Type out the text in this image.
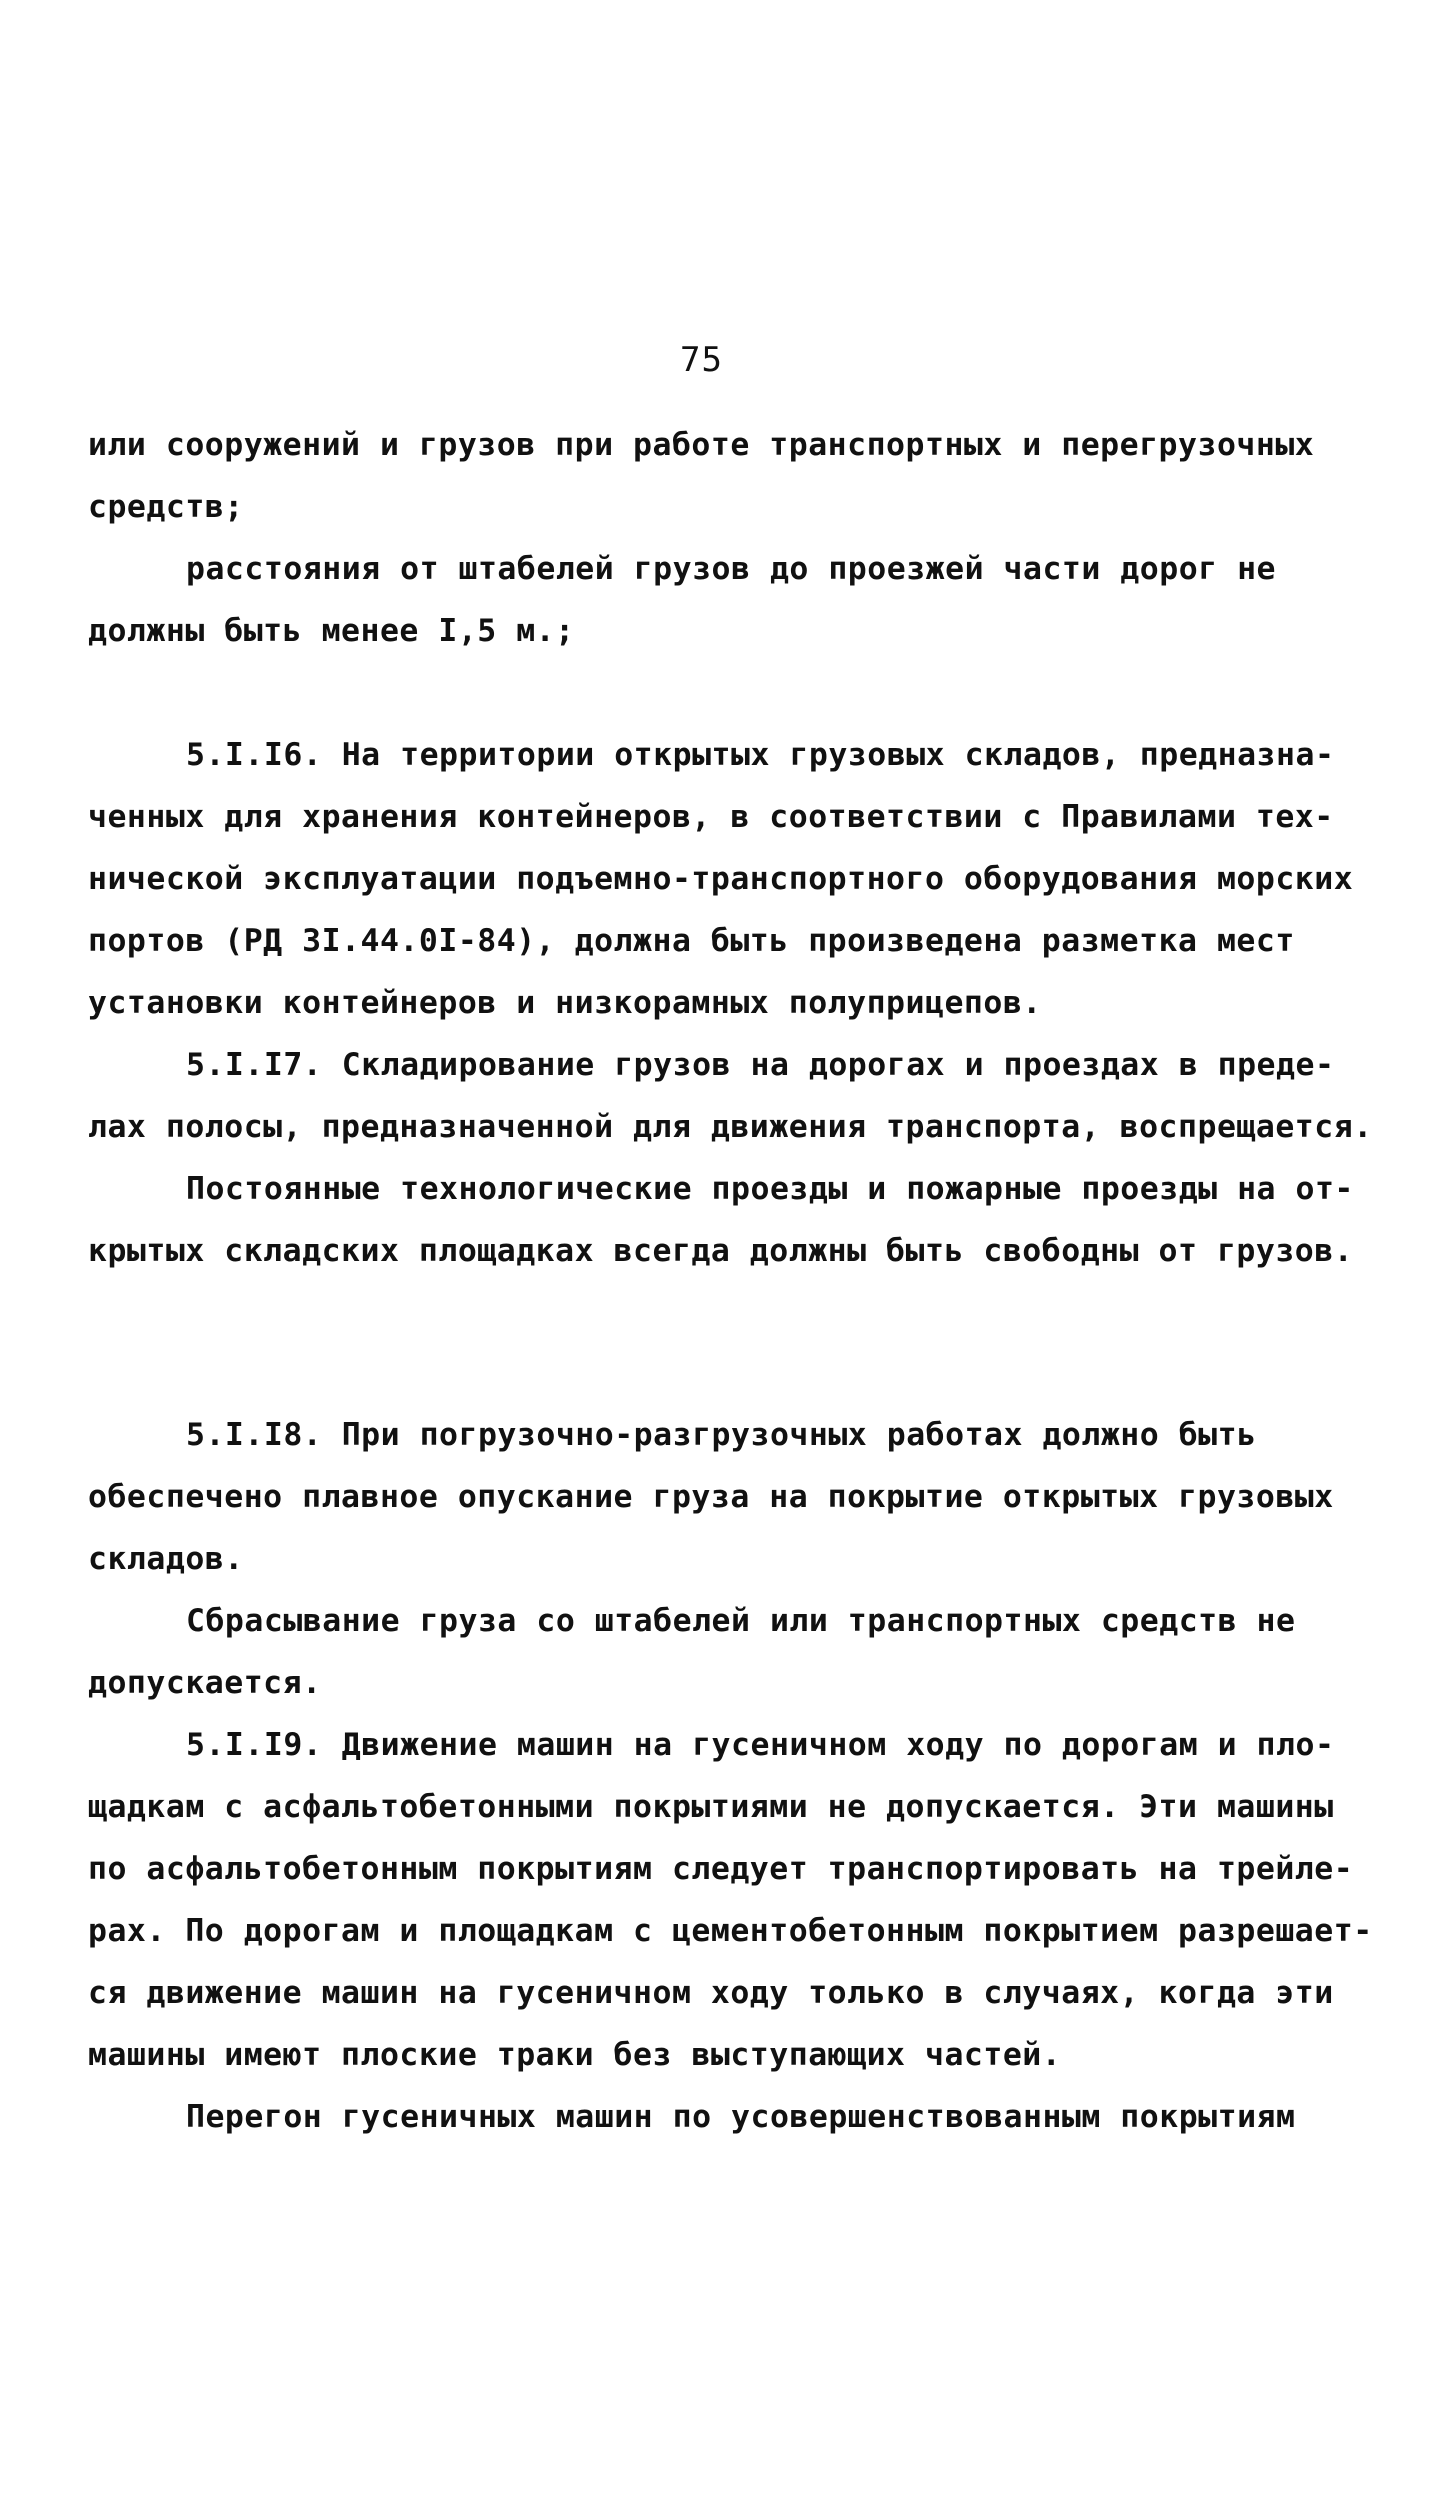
75
или сооружений и грузов при работе транспортных и перегрузочных
средств;
расстояния от штабелей грузов до проезжей части дорог не
должны быть менее I,5 м.;
5.I.I6. На территории открытых грузовых складов, предназна-
ченных для хранения контейнеров, в соответствии с Правилами тех-
нической эксплуатации подъемно-транспортного оборудования морских
портов (РД 3I.44.0I-84), должна быть произведена разметка мест
установки контейнеров и низкорамных полуприцепов.
5.I.I7. Складирование грузов на дорогах и проездах в преде-
лах полосы, предназначенной для движения транспорта, воспрещается.
Постоянные технологические проезды и пожарные проезды на от-
крытых складских площадках всегда должны быть свободны от грузов.
5.I.I8. При погрузочно-разгрузочных работах должно быть
обеспечено плавное опускание груза на покрытие открытых грузовых
складов.
Сбрасывание груза со штабелей или транспортных средств не
допускается.
5.I.I9. Движение машин на гусеничном ходу по дорогам и пло-
щадкам с асфальтобетонными покрытиями не допускается. Эти машины
по асфальтобетонным покрытиям следует транспортировать на трейле-
рах. По дорогам и площадкам с цементобетонным покрытием разрешает-
ся движение машин на гусеничном ходу только в случаях, когда эти
машины имеют плоские траки без выступающих частей.
Перегон гусеничных машин по усовершенствованным покрытиям
